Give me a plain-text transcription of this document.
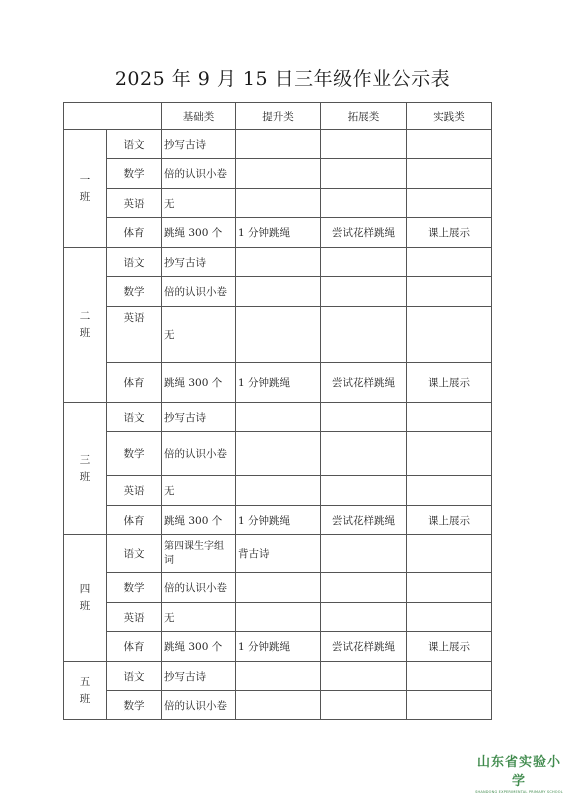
2025 年 9 月 15 日三年级作业公示表
		基础类	提升类	拓展类	实践类
一
班	语文	抄写古诗			
	数学	倍的认识小卷			
	英语	无			
	体育	跳绳 300 个	1 分钟跳绳	尝试花样跳绳	课上展示
二
班	语文	抄写古诗			
	数学	倍的认识小卷			
	英语	无			
	体育	跳绳 300 个	1 分钟跳绳	尝试花样跳绳	课上展示
三
班	语文	抄写古诗			
	数学	倍的认识小卷			
	英语	无			
	体育	跳绳 300 个	1 分钟跳绳	尝试花样跳绳	课上展示
四
班	语文	第四课生字组词	背古诗		
	数学	倍的认识小卷			
	英语	无			
	体育	跳绳 300 个	1 分钟跳绳	尝试花样跳绳	课上展示
五
班	语文	抄写古诗			
	数学	倍的认识小卷			
山东省实验小学
SHANDONG EXPERIMENTAL PRIMARY SCHOOL
